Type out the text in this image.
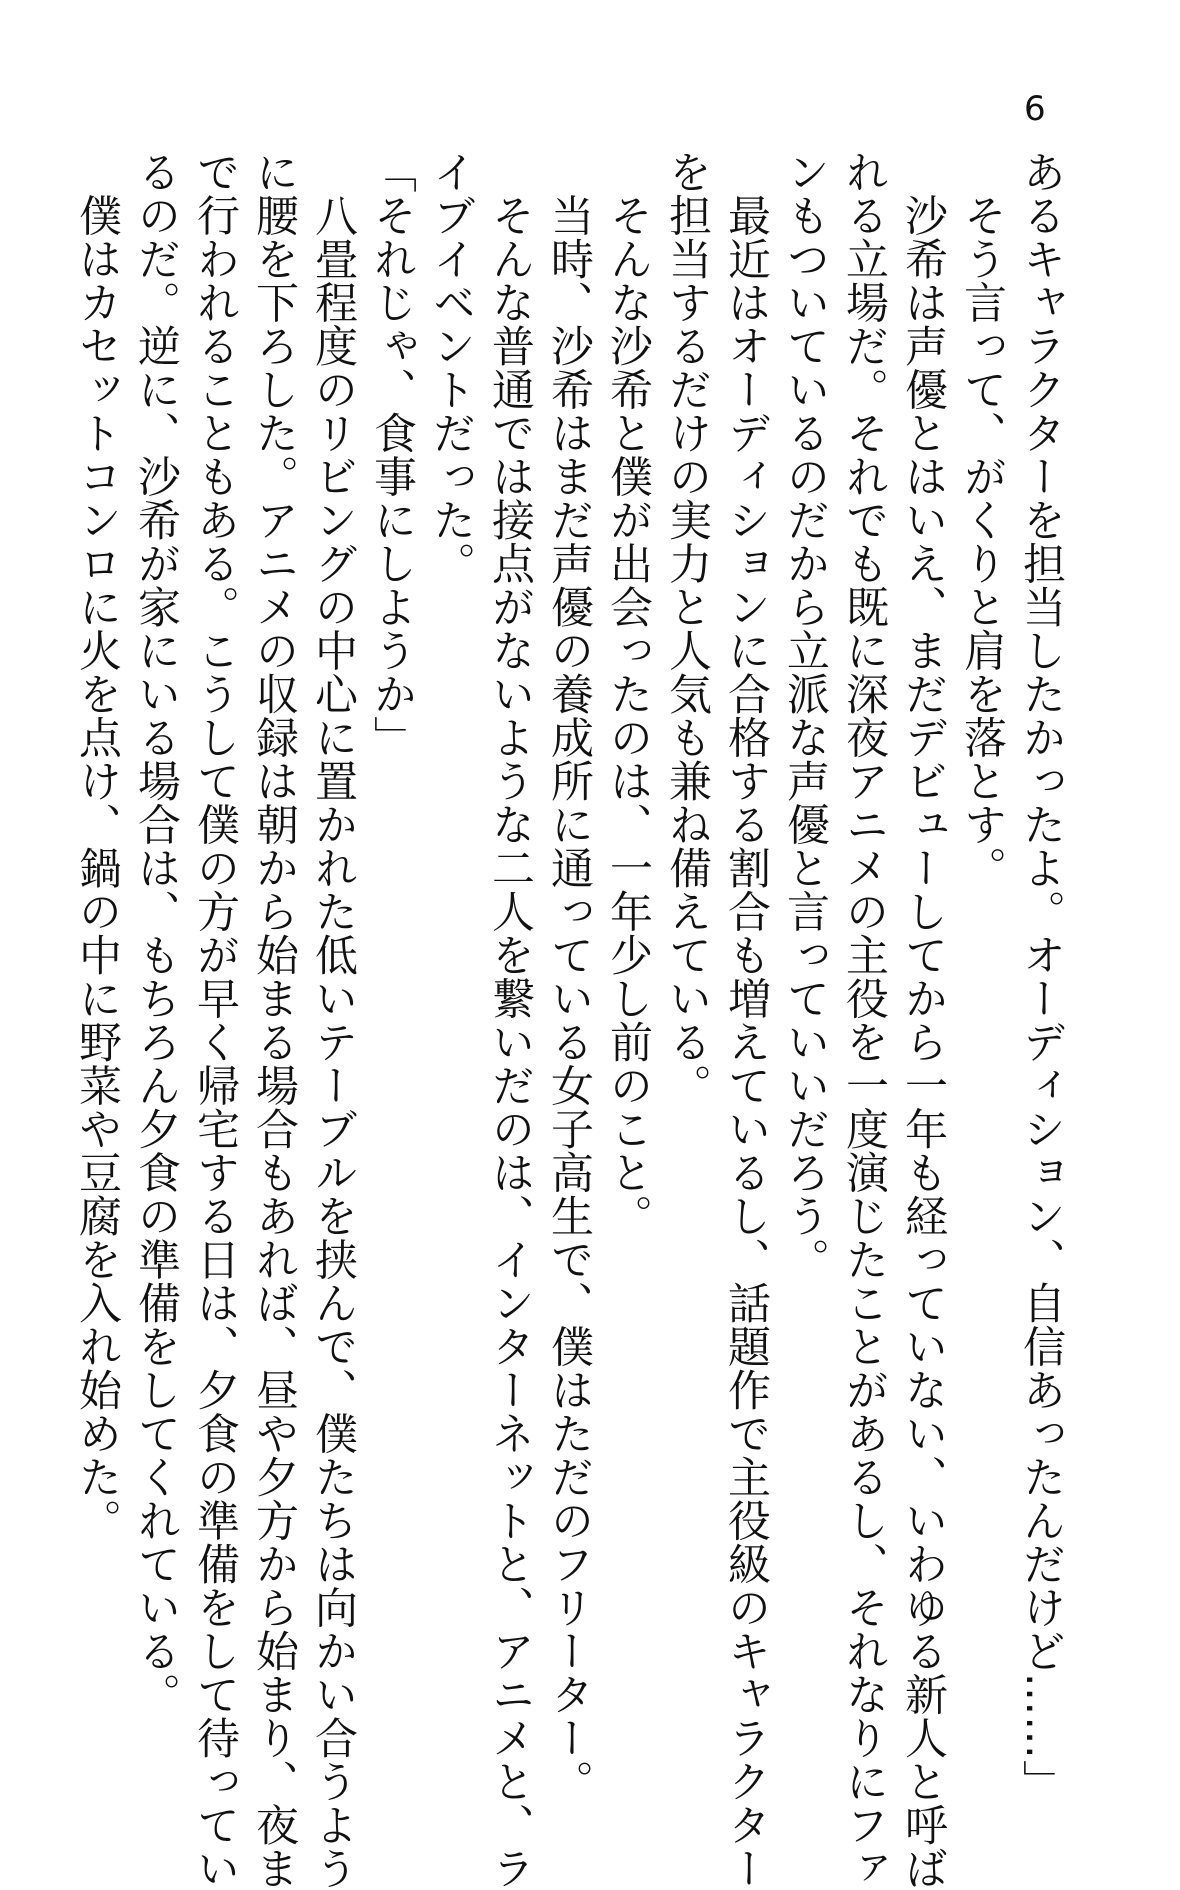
6

あるキャラクターを担当したかったよ。オーディション、自信あったんだけど……」

　そう言って、がくりと肩を落とす。

　沙希は声優とはいえ、まだデビューしてから一年も経っていない、いわゆる新人と呼ば

れる立場だ。それでも既に深夜アニメの主役を一度演じたことがあるし、それなりにファ

ンもついているのだから立派な声優と言っていいだろう。

　最近はオーディションに合格する割合も増えているし、話題作で主役級のキャラクター

を担当するだけの実力と人気も兼ね備えている。

　そんな沙希と僕が出会ったのは、一年少し前のこと。

　当時、沙希はまだ声優の養成所に通っている女子高生で、僕はただのフリーター。

　そんな普通では接点がないような二人を繋いだのは、インターネットと、アニメと、ラ

イブイベントだった。

「それじゃ、食事にしようか」

　八畳程度のリビングの中心に置かれた低いテーブルを挟んで、僕たちは向かい合うよう

に腰を下ろした。アニメの収録は朝から始まる場合もあれば、昼や夕方から始まり、夜ま

で行われることもある。こうして僕の方が早く帰宅する日は、夕食の準備をして待ってい

るのだ。逆に、沙希が家にいる場合は、もちろん夕食の準備をしてくれている。

　僕はカセットコンロに火を点け、鍋の中に野菜や豆腐を入れ始めた。
